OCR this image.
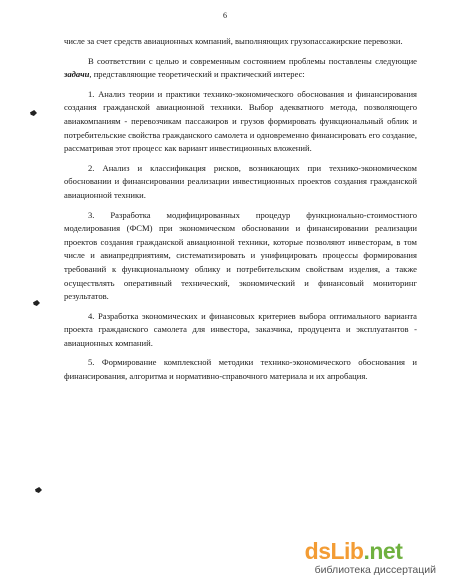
6

числе за счет средств авиационных компаний, выполняющих грузопассажирские перевозки.

В соответствии с целью и современным состоянием проблемы поставлены следующие задачи, представляющие теоретический и практический интерес:

1. Анализ теории и практики технико-экономического обоснования и финансирования создания гражданской авиационной техники. Выбор адекватного метода, позволяющего авиакомпаниям - перевозчикам пассажиров и грузов формировать функциональный облик и потребительские свойства гражданского самолета и одновременно финансировать его создание, рассматривая этот процесс как вариант инвестиционных вложений.

2. Анализ и классификация рисков, возникающих при технико-экономическом обосновании и финансировании реализации инвестиционных проектов создания гражданской авиационной техники.

3. Разработка модифицированных процедур функционально-стоимостного моделирования (ФСМ) при экономическом обосновании и финансировании реализации проектов создания гражданской авиационной техники, которые позволяют инвесторам, в том числе и авиапредприятиям, систематизировать и унифицировать процессы формирования требований к функциональному облику и потребительским свойствам изделия, а также осуществлять оперативный технический, экономический и финансовый мониторинг результатов.

4. Разработка экономических и финансовых критериев выбора оптимального варианта проекта гражданского самолета для инвестора, заказчика, продуцента и эксплуатантов - авиационных компаний.

5. Формирование комплексной методики технико-экономического обоснования и финансирования, алгоритма и нормативно-справочного материала и их апробация.

dsLib.net
библиотека диссертаций
